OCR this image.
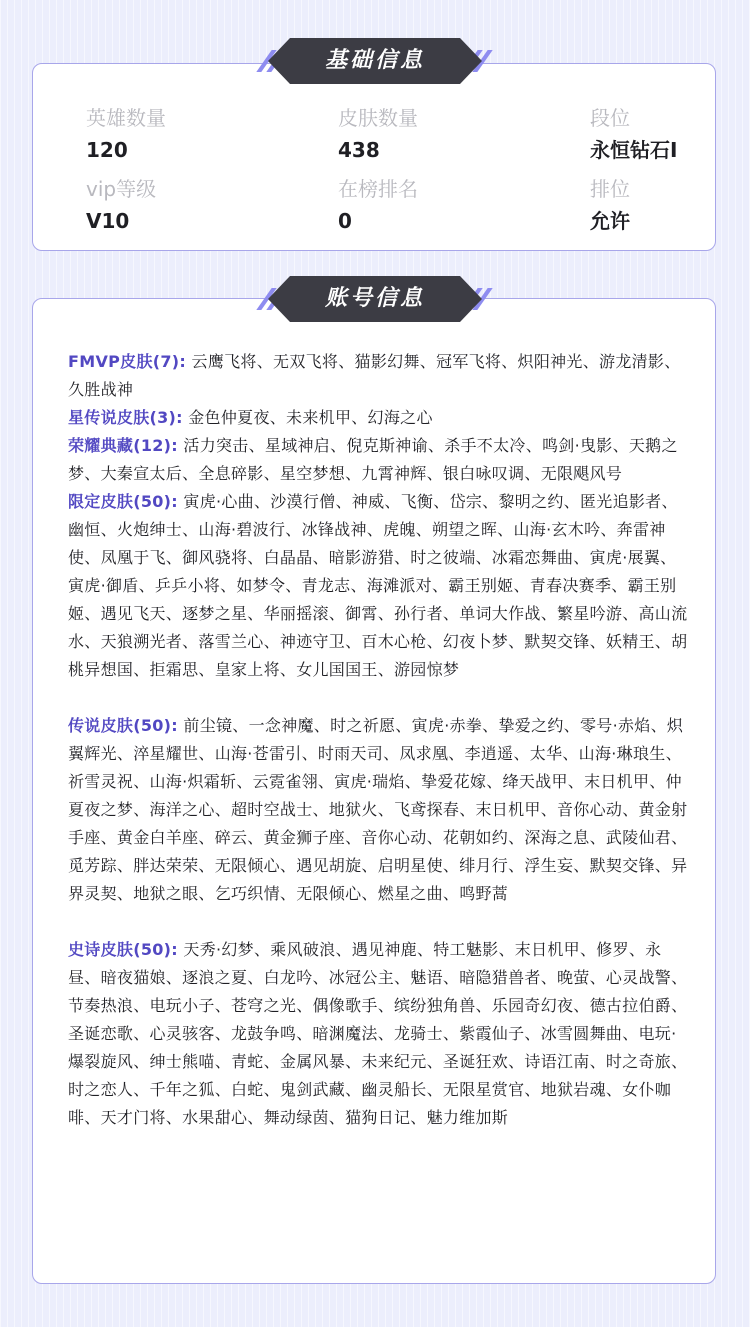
基础信息
英雄数量
120
皮肤数量
438
段位
永恒钻石I
vip等级
V10
在榜排名
0
排位
允许
账号信息
FMVP皮肤(7): 云鹰飞将、无双飞将、猫影幻舞、冠军飞将、炽阳神光、游龙清影、久胜战神
星传说皮肤(3): 金色仲夏夜、未来机甲、幻海之心
荣耀典藏(12): 活力突击、星域神启、倪克斯神谕、杀手不太冷、鸣剑·曳影、天鹅之梦、大秦宣太后、全息碎影、星空梦想、九霄神辉、银白咏叹调、无限飓风号
限定皮肤(50): 寅虎·心曲、沙漠行僧、神威、飞衡、岱宗、黎明之约、匿光追影者、幽恒、火炮绅士、山海·碧波行、冰锋战神、虎魄、朔望之晖、山海·玄木吟、奔雷神使、凤凰于飞、御风骁将、白晶晶、暗影游猎、时之彼端、冰霜恋舞曲、寅虎·展翼、寅虎·御盾、乒乒小将、如梦令、青龙志、海滩派对、霸王别姬、青春决赛季、霸王别姬、遇见飞天、逐梦之星、华丽摇滚、御霄、孙行者、单词大作战、繁星吟游、高山流水、天狼溯光者、落雪兰心、神迹守卫、百木心枪、幻夜卜梦、默契交锋、妖精王、胡桃异想国、拒霜思、皇家上将、女儿国国王、游园惊梦
传说皮肤(50): 前尘镜、一念神魔、时之祈愿、寅虎·赤拳、挚爱之约、零号·赤焰、炽翼辉光、淬星耀世、山海·苍雷引、时雨天司、凤求凰、李逍遥、太华、山海·琳琅生、祈雪灵祝、山海·炽霜斩、云霓雀翎、寅虎·瑞焰、挚爱花嫁、绛天战甲、末日机甲、仲夏夜之梦、海洋之心、超时空战士、地狱火、飞鸢探春、末日机甲、音你心动、黄金射手座、黄金白羊座、碎云、黄金狮子座、音你心动、花朝如约、深海之息、武陵仙君、觅芳踪、胖达荣荣、无限倾心、遇见胡旋、启明星使、绯月行、浮生妄、默契交锋、异界灵契、地狱之眼、乞巧织情、无限倾心、燃星之曲、鸣野蒿
史诗皮肤(50): 天秀·幻梦、乘风破浪、遇见神鹿、特工魅影、末日机甲、修罗、永昼、暗夜猫娘、逐浪之夏、白龙吟、冰冠公主、魅语、暗隐猎兽者、晚萤、心灵战警、节奏热浪、电玩小子、苍穹之光、偶像歌手、缤纷独角兽、乐园奇幻夜、德古拉伯爵、圣诞恋歌、心灵骇客、龙鼓争鸣、暗渊魔法、龙骑士、紫霞仙子、冰雪圆舞曲、电玩·爆裂旋风、绅士熊喵、青蛇、金属风暴、未来纪元、圣诞狂欢、诗语江南、时之奇旅、时之恋人、千年之狐、白蛇、鬼剑武藏、幽灵船长、无限星赏官、地狱岩魂、女仆咖啡、天才门将、水果甜心、舞动绿茵、猫狗日记、魅力维加斯
